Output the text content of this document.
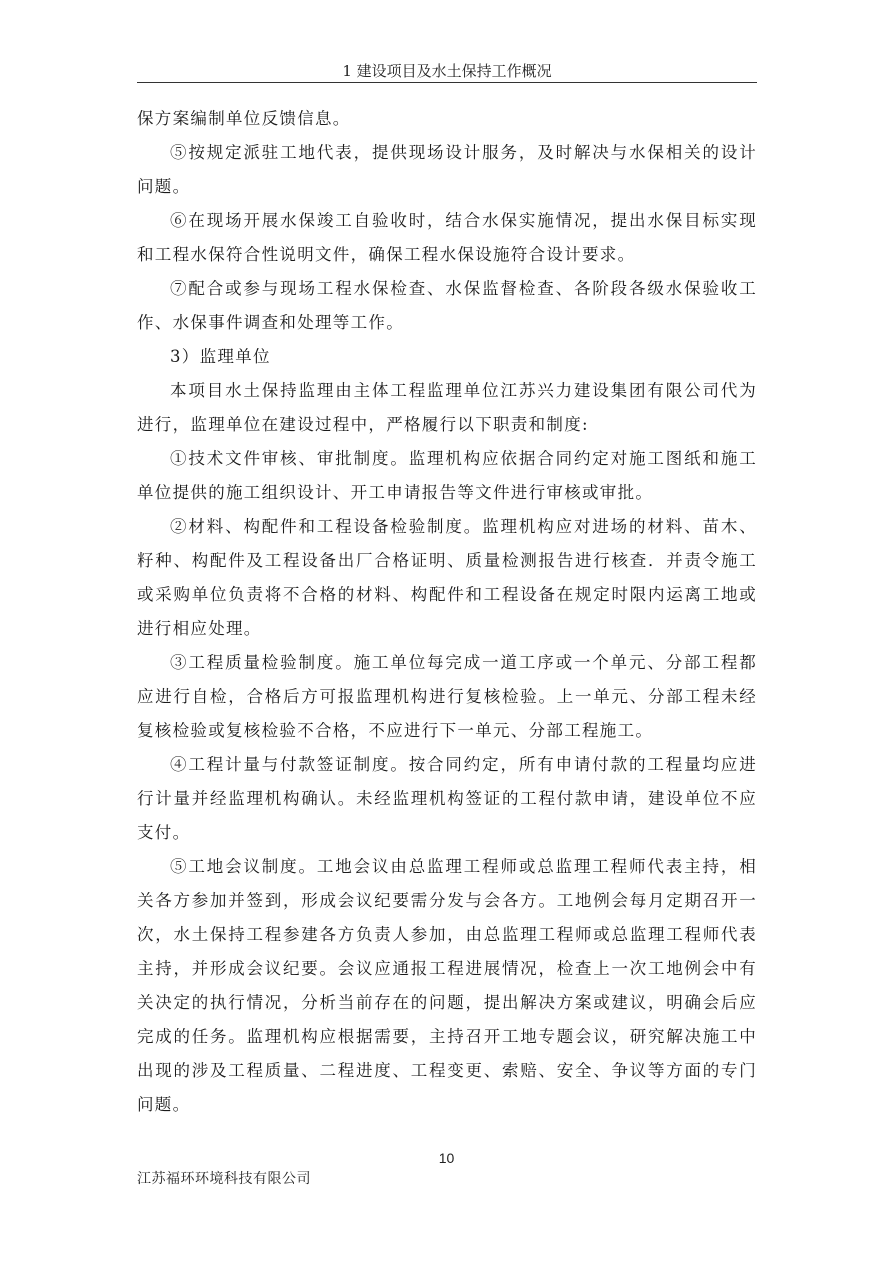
1 建设项目及水土保持工作概况

保方案编制单位反馈信息。

⑤按规定派驻工地代表，提供现场设计服务，及时解决与水保相关的设计问题。

⑥在现场开展水保竣工自验收时，结合水保实施情况，提出水保目标实现和工程水保符合性说明文件，确保工程水保设施符合设计要求。

⑦配合或参与现场工程水保检查、水保监督检查、各阶段各级水保验收工作、水保事件调查和处理等工作。

3）监理单位

本项目水土保持监理由主体工程监理单位江苏兴力建设集团有限公司代为进行，监理单位在建设过程中，严格履行以下职责和制度:

①技术文件审核、审批制度。监理机构应依据合同约定对施工图纸和施工单位提供的施工组织设计、开工申请报告等文件进行审核或审批。

②材料、构配件和工程设备检验制度。监理机构应对进场的材料、苗木、籽种、构配件及工程设备出厂合格证明、质量检测报告进行核查．并责令施工或采购单位负责将不合格的材料、构配件和工程设备在规定时限内运离工地或进行相应处理。

③工程质量检验制度。施工单位每完成一道工序或一个单元、分部工程都应进行自检，合格后方可报监理机构进行复核检验。上一单元、分部工程未经复核检验或复核检验不合格，不应进行下一单元、分部工程施工。

④工程计量与付款签证制度。按合同约定，所有申请付款的工程量均应进行计量并经监理机构确认。未经监理机构签证的工程付款申请，建设单位不应支付。

⑤工地会议制度。工地会议由总监理工程师或总监理工程师代表主持，相关各方参加并签到，形成会议纪要需分发与会各方。工地例会每月定期召开一次，水土保持工程参建各方负责人参加，由总监理工程师或总监理工程师代表主持，并形成会议纪要。会议应通报工程进展情况，检查上一次工地例会中有关决定的执行情况，分析当前存在的问题，提出解决方案或建议，明确会后应完成的任务。监理机构应根据需要，主持召开工地专题会议，研究解决施工中出现的涉及工程质量、二程进度、工程变更、索赔、安全、争议等方面的专门问题。

10
江苏福环环境科技有限公司
